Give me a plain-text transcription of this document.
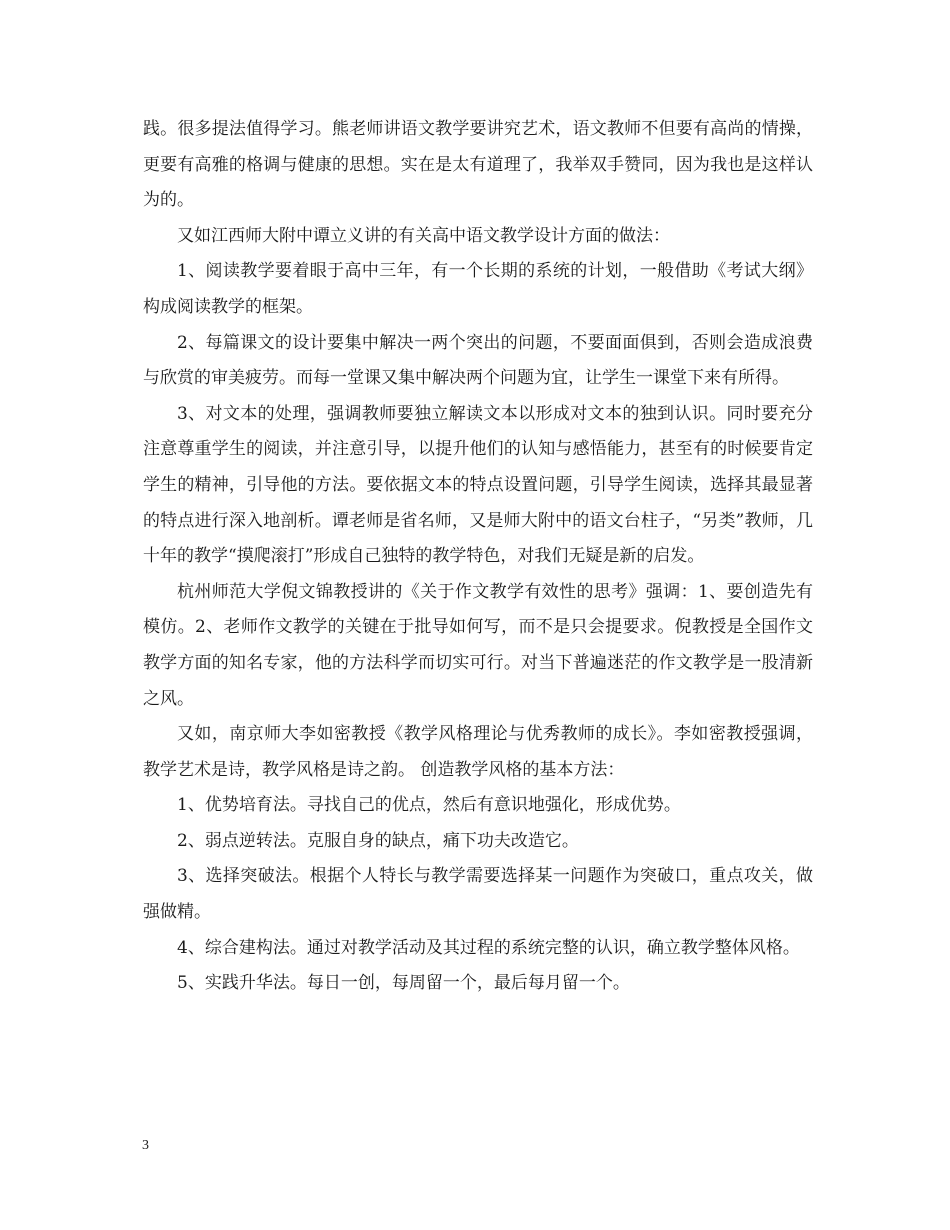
践。很多提法值得学习。熊老师讲语文教学要讲究艺术，语文教师不但要有高尚的情操，更要有高雅的格调与健康的思想。实在是太有道理了，我举双手赞同，因为我也是这样认为的。

又如江西师大附中谭立义讲的有关高中语文教学设计方面的做法：

1、阅读教学要着眼于高中三年，有一个长期的系统的计划，一般借助《考试大纲》构成阅读教学的框架。

2、每篇课文的设计要集中解决一两个突出的问题，不要面面俱到，否则会造成浪费与欣赏的审美疲劳。而每一堂课又集中解决两个问题为宜，让学生一课堂下来有所得。

3、对文本的处理，强调教师要独立解读文本以形成对文本的独到认识。同时要充分注意尊重学生的阅读，并注意引导，以提升他们的认知与感悟能力，甚至有的时候要肯定学生的精神，引导他的方法。要依据文本的特点设置问题，引导学生阅读，选择其最显著的特点进行深入地剖析。谭老师是省名师，又是师大附中的语文台柱子，“另类”教师，几十年的教学“摸爬滚打”形成自己独特的教学特色，对我们无疑是新的启发。

杭州师范大学倪文锦教授讲的《关于作文教学有效性的思考》强调：1、要创造先有模仿。2、老师作文教学的关键在于批导如何写，而不是只会提要求。倪教授是全国作文教学方面的知名专家，他的方法科学而切实可行。对当下普遍迷茫的作文教学是一股清新之风。

又如，南京师大李如密教授《教学风格理论与优秀教师的成长》。李如密教授强调，教学艺术是诗，教学风格是诗之韵。 创造教学风格的基本方法：

1、优势培育法。寻找自己的优点，然后有意识地强化，形成优势。

2、弱点逆转法。克服自身的缺点，痛下功夫改造它。

3、选择突破法。根据个人特长与教学需要选择某一问题作为突破口，重点攻关，做强做精。

4、综合建构法。通过对教学活动及其过程的系统完整的认识，确立教学整体风格。

5、实践升华法。每日一创，每周留一个，最后每月留一个。

3
